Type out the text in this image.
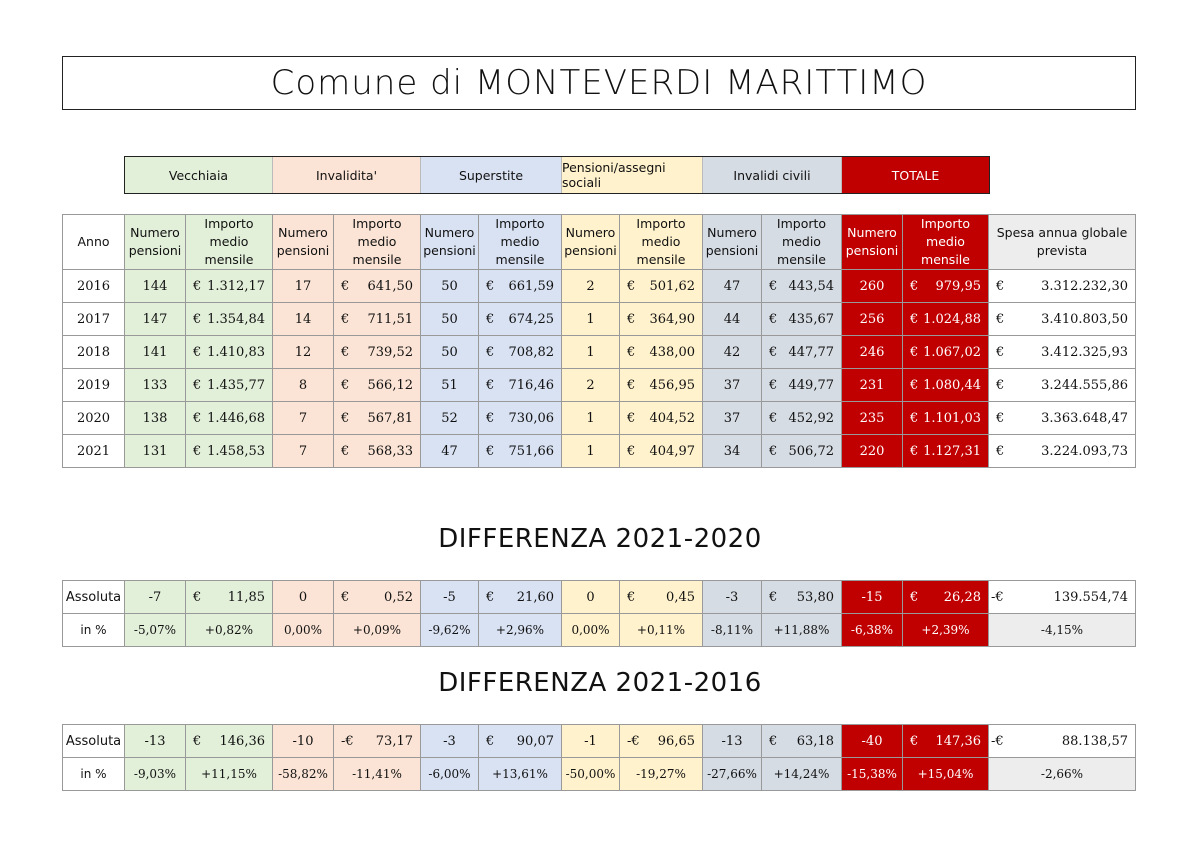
Comune di MONTEVERDI MARITTIMO
Vecchiaia	Invalidita'	Superstite	Pensioni/assegni sociali	Invalidi civili	TOTALE
Anno	Numero pensioni	Importo medio mensile	Numero pensioni	Importo medio mensile	Numero pensioni	Importo medio mensile	Numero pensioni	Importo medio mensile	Numero pensioni	Importo medio mensile	Numero pensioni	Importo medio mensile	Spesa annua globale prevista
2016	144	€ 1.312,17	17	€ 641,50	50	€ 661,59	2	€ 501,62	47	€ 443,54	260	€ 979,95	€ 3.312.232,30

2017	147	€ 1.354,84	14	€ 711,51	50	€ 674,25	1	€ 364,90	44	€ 435,67	256	€ 1.024,88	€ 3.410.803,50

2018	141	€ 1.410,83	12	€ 739,52	50	€ 708,82	1	€ 438,00	42	€ 447,77	246	€ 1.067,02	€ 3.412.325,93

2019	133	€ 1.435,77	8	€ 566,12	51	€ 716,46	2	€ 456,95	37	€ 449,77	231	€ 1.080,44	€ 3.244.555,86

2020	138	€ 1.446,68	7	€ 567,81	52	€ 730,06	1	€ 404,52	37	€ 452,92	235	€ 1.101,03	€ 3.363.648,47

2021	131	€ 1.458,53	7	€ 568,33	47	€ 751,66	1	€ 404,97	34	€ 506,72	220	€ 1.127,31	€ 3.224.093,73
DIFFERENZA 2021-2020
Assoluta	-7	€ 11,85	0	€ 0,52	-5	€ 21,60	0	€ 0,45	-3	€ 53,80	-15	€ 26,28	-€ 139.554,74

in %	-5,07%	+0,82%	0,00%	+0,09%	-9,62%	+2,96%	0,00%	+0,11%	-8,11%	+11,88%	-6,38%	+2,39%	-4,15%
DIFFERENZA 2021-2016
Assoluta	-13	€ 146,36	-10	-€ 73,17	-3	€ 90,07	-1	-€ 96,65	-13	€ 63,18	-40	€ 147,36	-€ 88.138,57

in %	-9,03%	+11,15%	-58,82%	-11,41%	-6,00%	+13,61%	-50,00%	-19,27%	-27,66%	+14,24%	-15,38%	+15,04%	-2,66%
